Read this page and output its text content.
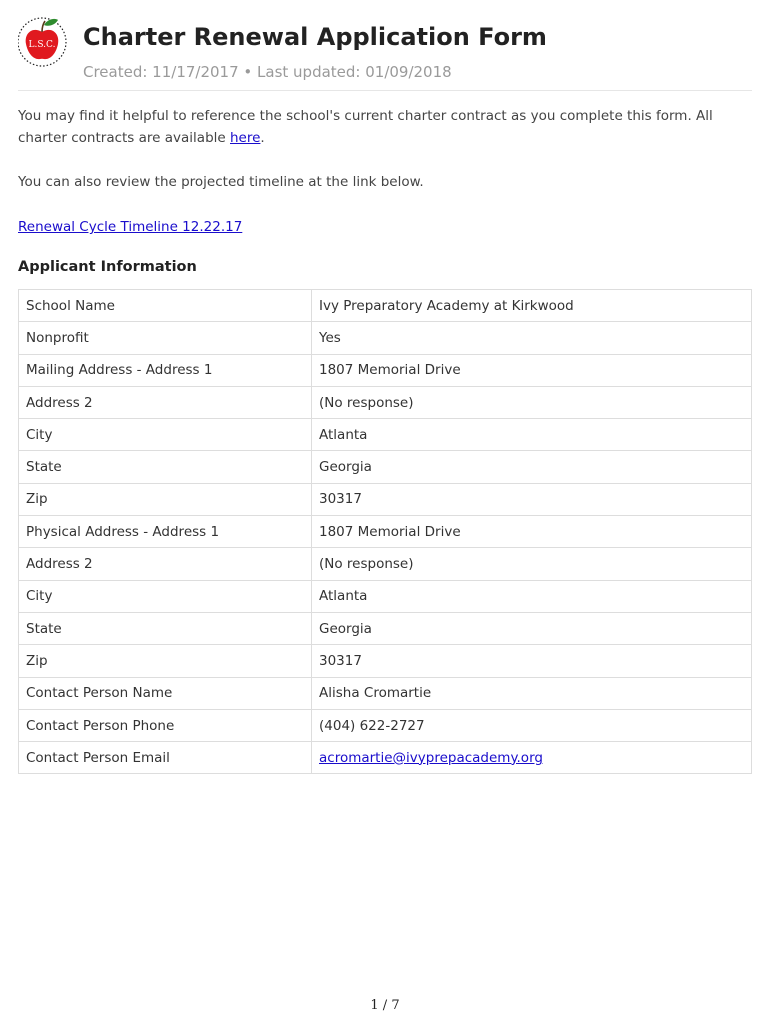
L.S.C. Charter Renewal Application Form
Created: 11/17/2017 • Last updated: 01/09/2018

You may find it helpful to reference the school's current charter contract as you complete this form. All charter contracts are available here.

You can also review the projected timeline at the link below.

Renewal Cycle Timeline 12.22.17
Applicant Information
School Name	Ivy Preparatory Academy at Kirkwood
Nonprofit	Yes
Mailing Address - Address 1	1807 Memorial Drive
Address 2	(No response)
City	Atlanta
State	Georgia
Zip	30317
Physical Address - Address 1	1807 Memorial Drive
Address 2	(No response)
City	Atlanta
State	Georgia
Zip	30317
Contact Person Name	Alisha Cromartie
Contact Person Phone	(404) 622-2727
Contact Person Email	acromartie@ivyprepacademy.org
1 / 7
